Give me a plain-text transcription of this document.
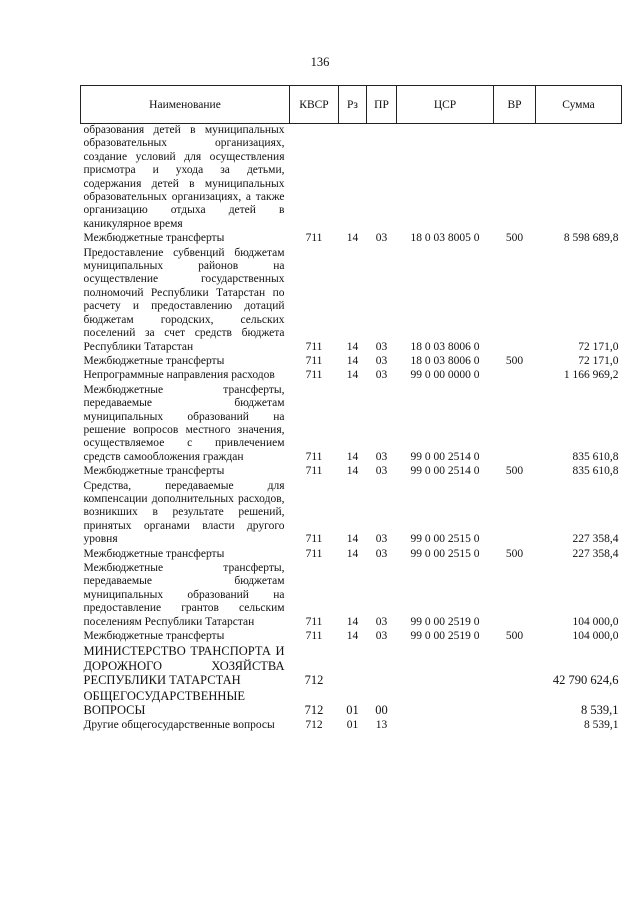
136
Наименование	КВСР	Рз	ПР	ЦСР	ВР	Сумма
образования детей в муниципальных образовательных организациях, создание условий для осуществления присмотра и ухода за детьми, содержания детей в муниципальных образовательных организациях, а также организацию отдыха детей в каникулярное время						
Межбюджетные трансферты	711	14	03	18 0 03 8005 0	500	8 598 689,8
Предоставление субвенций бюджетам муниципальных районов на осуществление государственных полномочий Республики Татарстан по расчету и предоставлению дотаций бюджетам городских, сельских поселений за счет средств бюджета Республики Татарстан	711	14	03	18 0 03 8006 0		72 171,0
Межбюджетные трансферты	711	14	03	18 0 03 8006 0	500	72 171,0
Непрограммные направления расходов	711	14	03	99 0 00 0000 0		1 166 969,2
Межбюджетные трансферты, передаваемые бюджетам муниципальных образований на решение вопросов местного значения, осуществляемое с привлечением средств самообложения граждан	711	14	03	99 0 00 2514 0		835 610,8
Межбюджетные трансферты	711	14	03	99 0 00 2514 0	500	835 610,8
Средства, передаваемые для компенсации дополнительных расходов, возникших в результате решений, принятых органами власти другого уровня	711	14	03	99 0 00 2515 0		227 358,4
Межбюджетные трансферты	711	14	03	99 0 00 2515 0	500	227 358,4
Межбюджетные трансферты, передаваемые бюджетам муниципальных образований на предоставление грантов сельским поселениям Республики Татарстан	711	14	03	99 0 00 2519 0		104 000,0
Межбюджетные трансферты	711	14	03	99 0 00 2519 0	500	104 000,0
МИНИСТЕРСТВО ТРАНСПОРТА И ДОРОЖНОГО ХОЗЯЙСТВА РЕСПУБЛИКИ ТАТАРСТАН	712					42 790 624,6
ОБЩЕГОСУДАРСТВЕННЫЕ ВОПРОСЫ	712	01	00			8 539,1
Другие общегосударственные вопросы	712	01	13			8 539,1
